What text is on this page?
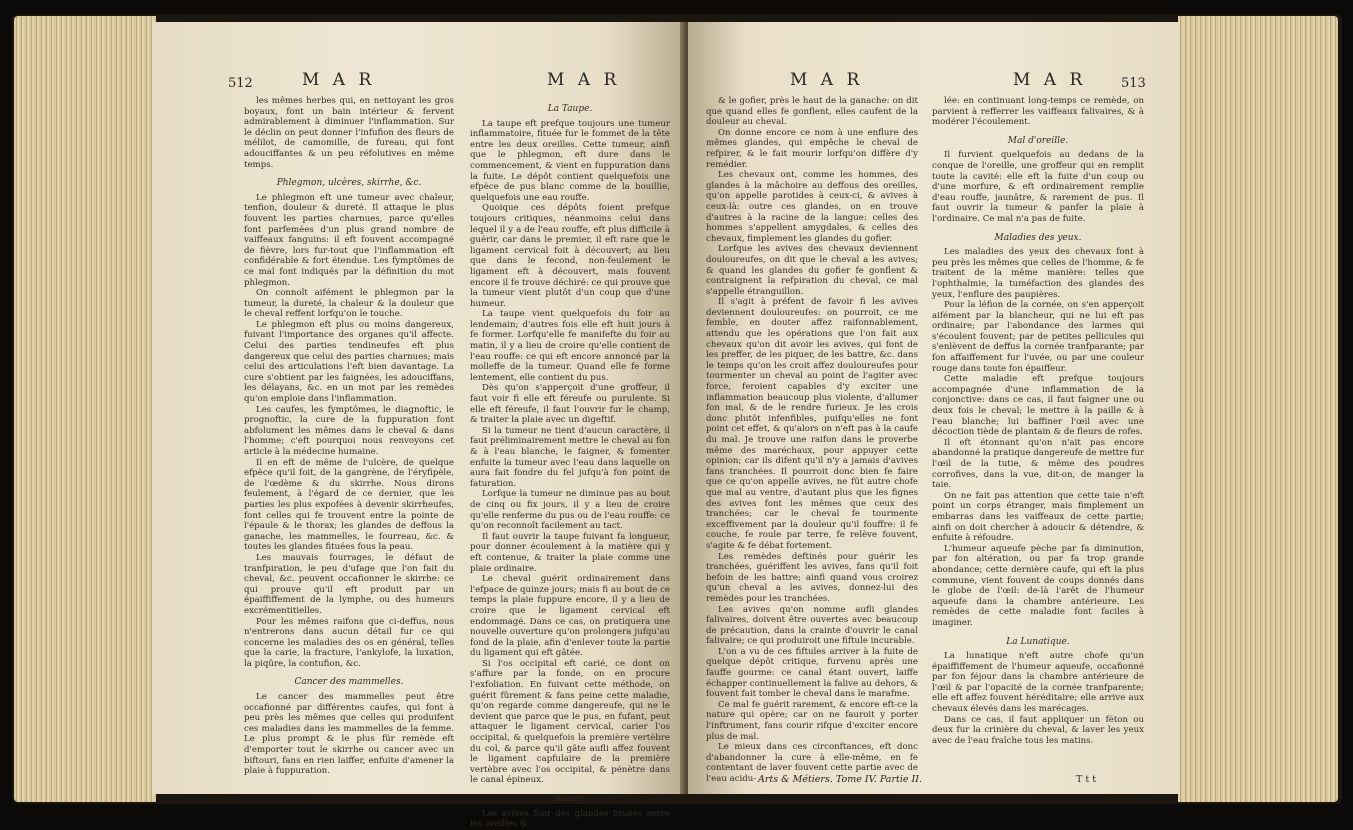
512	M A R	M A R

les mêmes herbes qui, en nettoyant les gros boyaux, font un bain intérieur & fervent admirablement à diminuer l'inflammation. Sur le déclin on peut donner l'infufion des fleurs de mélilot, de camomille, de fureau, qui font adouciffantes & un peu réfolutives en même temps.

Phlegmon, ulcères, skirrhe, &c.

Le phlegmon eft une tumeur avec chaleur, tenfion, douleur & dureté. Il attaque le plus fouvent les parties charnues, parce qu'elles font parfemées d'un plus grand nombre de vaiffeaux fanguins: il eft fouvent accompagné de fièvre, lors fur-tout que l'inflammation eft confidérable & fort étendue. Les fymptômes de ce mal font indiqués par la définition du mot phlegmon.

On connoît aifément le phlegmon par la tumeur, la dureté, la chaleur & la douleur que le cheval reffent lorfqu'on le touche.

Le phlegmon eft plus ou moins dangereux, fuivant l'importance des organes qu'il affecte. Celui des parties tendineufes eft plus dangereux que celui des parties charnues; mais celui des articulations l'eft bien davantage. La cure s'obtient par les faignées, les adouciffans, les délayans, &c. en un mot par les remèdes qu'on emploie dans l'inflammation.

Les caufes, les fymptômes, le diagnoftic, le prognoftic, la cure de la fuppuration font abfolument les mêmes dans le cheval & dans l'homme; c'eft pourquoi nous renvoyons cet article à la médecine humaine.

Il en eft de même de l'ulcère, de quelque efpèce qu'il foit, de la gangrène, de l'éryfipèle, de l'œdème & du skirrhe. Nous dirons feulement, à l'égard de ce dernier, que les parties les plus expofées à devenir skirrheufes, font celles qui fe trouvent entre la pointe de l'épaule & le thorax; les glandes de deffous la ganache, les mammelles, le fourreau, &c. & toutes les glandes fituées fous la peau.

Les mauvais fourrages, le défaut de tranfpiration, le peu d'ufage que l'on fait du cheval, &c. peuvent occafionner le skirrhe: ce qui prouve qu'il eft produit par un épaiffiffement de la lymphe, ou des humeurs excrémentitielles.

Pour les mêmes raifons que ci-deffus, nous n'entrerons dans aucun détail fur ce qui concerne les maladies des os en général, telles que la carie, la fracture, l'ankylofe, la luxation, la piqûre, la contufion, &c.

Cancer des mammelles.

Le cancer des mammelles peut être occafionné par différentes caufes, qui font à peu près les mêmes que celles qui produifent ces maladies dans les mammelles de la femme. Le plus prompt & le plus für remède eft d'emporter tout le skirrhe ou cancer avec un biftouri, fans en rien laiffer, enfuite d'amener la plaie à fuppuration.

La Taupe.

La taupe eft prefque toujours une tumeur inflammatoire, fituée fur le fommet de la tête entre les deux oreilles. Cette tumeur, ainfi que le phlegmon, eft dure dans le commencement, & vient en fuppuration dans la fuite. Le dépôt contient quelquefois une efpèce de pus blanc comme de la bouillie, quelquefois une eau rouffe.

Quoique ces dépôts foient prefque toujours critiques, néanmoins celui dans lequel il y a de l'eau rouffe, eft plus difficile à guérir, car dans le premier, il eft rare que le ligament cervical foit à découvert; au lieu que dans le fecond, non-feulement le ligament eft à découvert, mais fouvent encore il fe trouve déchiré: ce qui prouve que la tumeur vient plutôt d'un coup que d'une humeur.

La taupe vient quelquefois du foir au lendemain; d'autres fois elle eft huit jours à fe former. Lorfqu'elle fe manifefte du foir au matin, il y a lieu de croire qu'elle contient de l'eau rouffe: ce qui eft encore annoncé par la molleffe de la tumeur. Quand elle fe forme lentement, elle contient du pus.

Dès qu'on s'apperçoit d'une groffeur, il faut voir fi elle eft féreufe ou purulente. Si elle eft féreufe, il faut l'ouvrir fur le champ, & traiter la plaie avec un digeftif.

Si la tumeur ne tient d'aucun caractère, il faut préliminairement mettre le cheval au fon & à l'eau blanche, le faigner, & fomenter enfuite la tumeur avec l'eau dans laquelle on aura fait fondre du fel jufqu'à fon point de faturation.

Lorfque la tumeur ne diminue pas au bout de cinq ou fix jours, il y a lieu de croire qu'elle renferme du pus ou de l'eau rouffe: ce qu'on reconnoît facilement au tact.

Il faut ouvrir la taupe fuivant fa longueur, pour donner écoulement à la matière qui y eft contenue, & traiter la plaie comme une plaie ordinaire.

Le cheval guérit ordinairement dans l'efpace de quinze jours; mais fi au bout de ce temps la plaie fuppure encore, il y a lieu de croire que le ligament cervical eft endommagé. Dans ce cas, on pratiquera une nouvelle ouverture qu'on prolongera jufqu'au fond de la plaie, afin d'enlever toute la partie du ligament qui eft gâtée.

Si l'os occipital eft carié, ce dont on s'affure par la fonde, on en procure l'exfoliation. En fuivant cette méthode, on guérit fûrement & fans peine cette maladie, qu'on regarde comme dangereufe, qui ne le devient que parce que le pus, en fufant, peut attaquer le ligament cervical, carier l'os occipital, & quelquefois la première vertèbre du col, & parce qu'il gâte aufli affez fouvent le ligament capfulaire de la première vertèbre avec l'os occipital, & pénètre dans le canal épineux.

Avives.

Les avives font des glandes fituées entre les oreilles &

M A R	M A R	513

& le gofier, près le haut de la ganache: on dit que quand elles fe gonflent, elles caufent de la douleur au cheval.

On donne encore ce nom à une enflure des mêmes glandes, qui empêche le cheval de refpirer, & le fait mourir lorfqu'on diffère d'y remédier.

Les chevaux ont, comme les hommes, des glandes à la mâchoire au deffous des oreilles, qu'on appelle parotides à ceux-ci, & avives à ceux-là: outre ces glandes, on en trouve d'autres à la racine de la langue: celles des hommes s'appellent amygdales, & celles des chevaux, fimplement les glandes du gofier.

Lorfque les avives des chevaux deviennent douloureufes, on dit que le cheval a les avives; & quand les glandes du gofier fe gonflent & contraignent la refpiration du cheval, ce mal s'appelle étranguillon.

Il s'agit à préfent de favoir fi les avives deviennent douloureufes: on pourroit, ce me femble, en douter affez raifonnablement, attendu que les opérations que l'on fait aux chevaux qu'on dit avoir les avives, qui font de les preffer, de les piquer, de les battre, &c. dans le temps qu'on les croit affez douloureufes pour tourmenter un cheval au point de l'agiter avec force, feroient capables d'y exciter une inflammation beaucoup plus violente, d'allumer fon mal, & de le rendre furieux. Je les crois donc plutôt infenfibles, puifqu'elles ne font point cet effet, & qu'alors on n'eft pas à la caufe du mal. Je trouve une raifon dans le proverbe même des maréchaux, pour appuyer cette opinion; car ils difent qu'il n'y a jamais d'avives fans tranchées. Il pourroit donc bien fe faire que ce qu'on appelle avives, ne fût autre chofe que mal au ventre, d'autant plus que les fignes des avives font les mêmes que ceux des tranchées; car le cheval fe tourmente exceffivement par la douleur qu'il fouffre: il fe couche, fe roule par terre, fe relève fouvent, s'agite & fe débat fortement.

Les remèdes deftinés pour guérir les tranchées, guériffent les avives, fans qu'il foit befoin de les battre; ainfi quand vous croirez qu'un cheval a les avives, donnez-lui des remèdes pour les tranchées.

Les avives qu'on nomme aufli glandes falivaires, doivent être ouvertes avec beaucoup de précaution, dans la crainte d'ouvrir le canal falivaire; ce qui produiroit une fiftule incurable.

L'on a vu de ces fiftules arriver à la fuite de quelque dépôt critique, furvenu après une fauffe gourme: ce canal étant ouvert, laiffe échapper continuellement la falive au dehors, & fouvent fait tomber le cheval dans le marafme.

Ce mal fe guérit rarement, & encore eft-ce la nature qui opère; car on ne fauroit y porter l'inftrument, fans courir rifque d'exciter encore plus de mal.

Le mieux dans ces circonftances, eft donc d'abandonner la cure à elle-même, en fe contentant de laver fouvent cette partie avec de l'eau acidu-

lée: en continuant long-temps ce remède, on parvient à refferrer les vaiffeaux falivaires, & à modérer l'écoulement.

Mal d'oreille.

Il furvient quelquefois au dedans de la conque de l'oreille, une groffeur qui en remplit toute la cavité: elle eft la fuite d'un coup ou d'une morfure, & eft ordinairement remplie d'eau rouffe, jaunâtre, & rarement de pus. Il faut ouvrir la tumeur & panfer la plaie à l'ordinaire. Ce mal n'a pas de fuite.

Maladies des yeux.

Les maladies des yeux des chevaux font à peu près les mêmes que celles de l'homme, & fe traitent de la même manière: telles que l'ophthalmie, la tuméfaction des glandes des yeux, l'enflure des paupières.

Pour la léfion de la cornée, on s'en apperçoit aifément par la blancheur, qui ne lui eft pas ordinaire; par l'abondance des larmes qui s'écoulent fouvent; par de petites pellicules qui s'enlèvent de deffus la cornée tranfparante; par fon affaiffement fur l'uvée, ou par une couleur rouge dans toute fon épaiffeur.

Cette maladie eft prefque toujours accompagnée d'une inflammation de la conjonctive: dans ce cas, il faut faigner une ou deux fois le cheval; le mettre à la paille & à l'eau blanche; lui baffiner l'œil avec une décoction tiède de plantain & de fleurs de rofes.

Il eft étonnant qu'on n'ait pas encore abandonné la pratique dangereufe de mettre fur l'œil de la tutie, & même des poudres corrofives, dans la vue, dit-on, de manger la taie.

On ne fait pas attention que cette taie n'eft point un corps étranger, mais fimplement un embarras dans les vaiffeaux de cette partie; ainfi on doit chercher à adoucir & détendre, & enfuite à réfoudre.

L'humeur aqueufe pèche par fa diminution, par fon altération, ou par fa trop grande abondance; cette dernière caufe, qui eft la plus commune, vient fouvent de coups donnés dans le globe de l'œil: de-là l'arêt de l'humeur aqueufe dans la chambre antérieure. Les remèdes de cette maladie font faciles à imaginer.

La Lunatique.

La lunatique n'eft autre chofe qu'un épaiffiffement de l'humeur aqueufe, occafionné par fon féjour dans la chambre antérieure de l'œil & par l'opacité de la cornée tranfparente; elle eft affez fouvent héréditaire; elle arrive aux chevaux élevés dans les marécages.

Dans ce cas, il faut appliquer un féton ou deux fur la crinière du cheval, & laver les yeux avec de l'eau fraîche tous les matins.

Arts & Métiers. Tome IV. Partie II.	T t t
